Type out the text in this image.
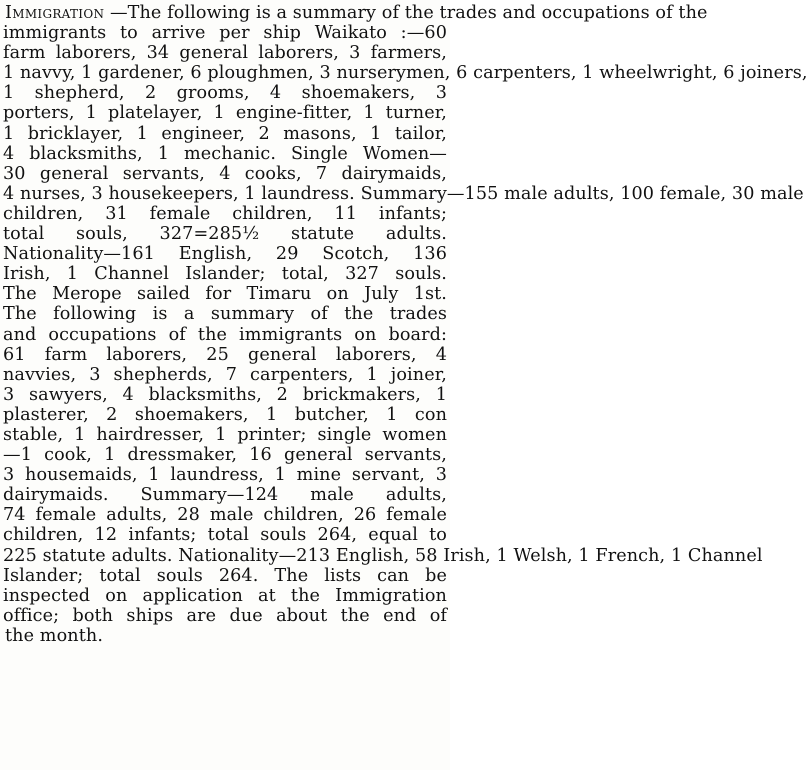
Immigration —The following is a summary of the trades and occupations of the
immigrants to arrive per ship Waikato :—60
farm laborers, 34 general laborers, 3 farmers,
1 navvy, 1 gardener, 6 ploughmen, 3 nurserymen, 6 carpenters, 1 wheelwright, 6 joiners,
1 shepherd, 2 grooms, 4 shoemakers, 3
porters, 1 platelayer, 1 engine-fitter, 1 turner,
1 bricklayer, 1 engineer, 2 masons, 1 tailor,
4 blacksmiths, 1 mechanic. Single Women—
30 general servants, 4 cooks, 7 dairymaids,
4 nurses, 3 housekeepers, 1 laundress. Summary—155 male adults, 100 female, 30 male
children, 31 female children, 11 infants;
total souls, 327=285½ statute adults.
Nationality—161 English, 29 Scotch, 136
Irish, 1 Channel Islander; total, 327 souls.
The Merope sailed for Timaru on July 1st.
The following is a summary of the trades
and occupations of the immigrants on board:
61 farm laborers, 25 general laborers, 4
navvies, 3 shepherds, 7 carpenters, 1 joiner,
3 sawyers, 4 blacksmiths, 2 brickmakers, 1
plasterer, 2 shoemakers, 1 butcher, 1 con
stable, 1 hairdresser, 1 printer; single women
—1 cook, 1 dressmaker, 16 general servants,
3 housemaids, 1 laundress, 1 mine servant, 3
dairymaids. Summary—124 male adults,
74 female adults, 28 male children, 26 female
children, 12 infants; total souls 264, equal to
225 statute adults. Nationality—213 English, 58 Irish, 1 Welsh, 1 French, 1 Channel
Islander; total souls 264. The lists can be
inspected on application at the Immigration
office; both ships are due about the end of
the month.
